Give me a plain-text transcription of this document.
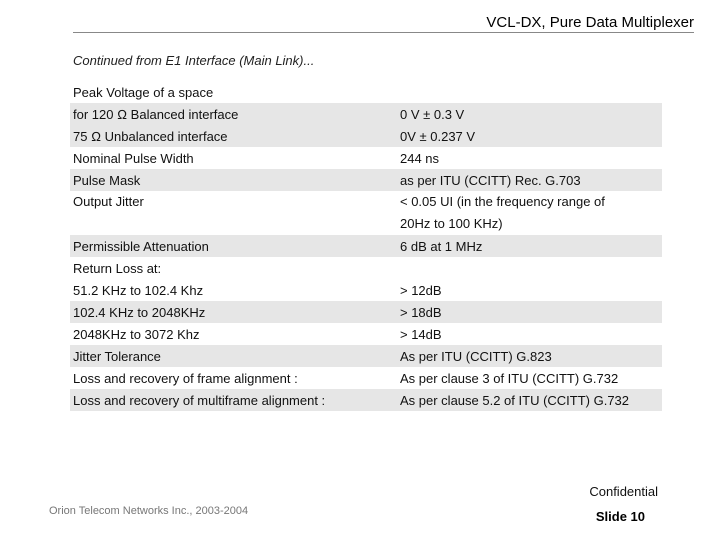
VCL-DX, Pure Data Multiplexer
Continued from E1 Interface (Main Link)...
Peak Voltage of a space	
for 120 Ω Balanced interface	0 V ± 0.3 V
75 Ω Unbalanced interface	0V ± 0.237 V
Nominal Pulse Width	244 ns
Pulse Mask	as per ITU (CCITT) Rec. G.703
Output Jitter	< 0.05 UI (in the frequency range of
20Hz to 100 KHz)

Permissible Attenuation	6 dB at 1 MHz
Return Loss at:	
51.2 KHz to 102.4 Khz	> 12dB
102.4 KHz to 2048KHz	> 18dB
2048KHz to 3072 Khz	> 14dB
Jitter Tolerance	As per ITU (CCITT) G.823
Loss and recovery of frame alignment :	As per clause 3 of ITU (CCITT) G.732
Loss and recovery of multiframe alignment :	As per clause 5.2 of ITU (CCITT) G.732
Confidential
Orion Telecom Networks Inc., 2003-2004	Slide 10
